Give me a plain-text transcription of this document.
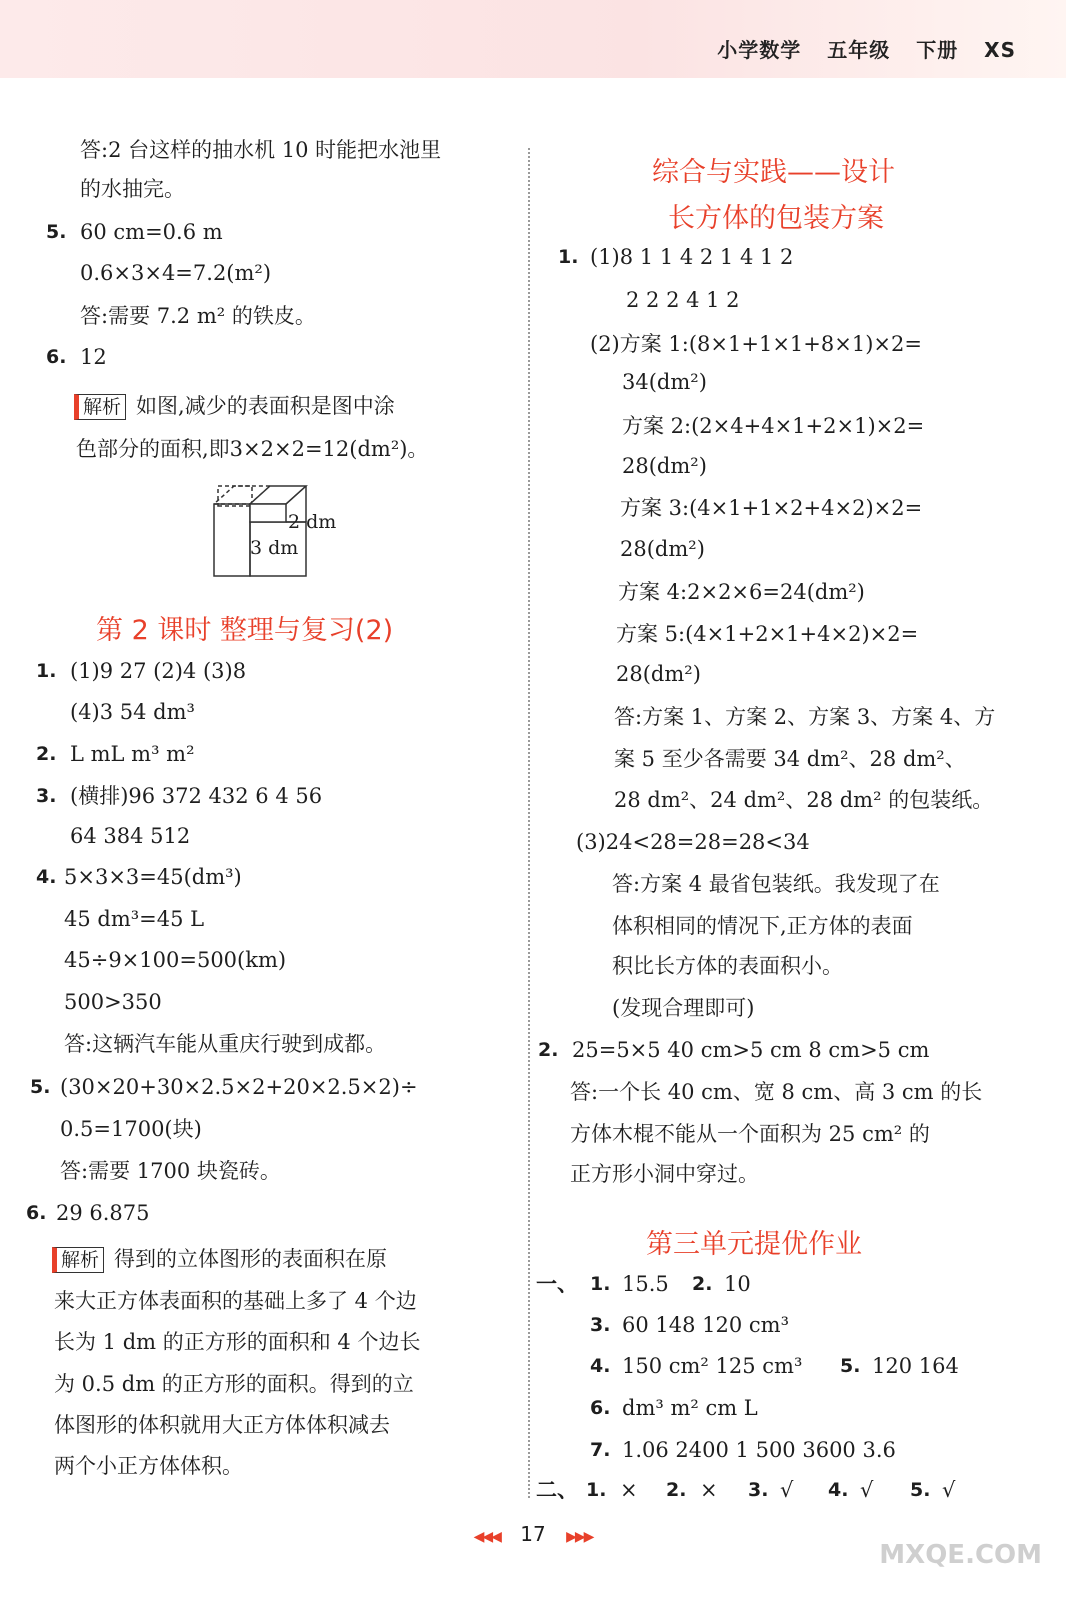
小学数学 五年级 下册 XS
答:2 台这样的抽水机 10 时能把水池里
的水抽完。
5. 60 cm=0.6 m
0.6×3×4=7.2(m²)
答:需要 7.2 m² 的铁皮。
6. 12
解析 如图,减少的表面积是图中涂
色部分的面积,即3×2×2=12(dm²)。
2 dm
3 dm
第 2 课时 整理与复习(2)
1. (1)9 27 (2)4 (3)8
(4)3 54 dm³
2. L mL m³ m²
3. (横排)96 372 432 6 4 56
64 384 512
4. 5×3×3=45(dm³)
45 dm³=45 L
45÷9×100=500(km)
500>350
答:这辆汽车能从重庆行驶到成都。
5. (30×20+30×2.5×2+20×2.5×2)÷
0.5=1700(块)
答:需要 1700 块瓷砖。
6. 29 6.875
解析 得到的立体图形的表面积在原
来大正方体表面积的基础上多了 4 个边
长为 1 dm 的正方形的面积和 4 个边长
为 0.5 dm 的正方形的面积。得到的立
体图形的体积就用大正方体体积减去
两个小正方体体积。
综合与实践——设计
长方体的包装方案
1. (1)8 1 1 4 2 1 4 1 2
2 2 2 4 1 2
(2)方案 1:(8×1+1×1+8×1)×2=
34(dm²)
方案 2:(2×4+4×1+2×1)×2=
28(dm²)
方案 3:(4×1+1×2+4×2)×2=
28(dm²)
方案 4:2×2×6=24(dm²)
方案 5:(4×1+2×1+4×2)×2=
28(dm²)
答:方案 1、方案 2、方案 3、方案 4、方
案 5 至少各需要 34 dm²、28 dm²、
28 dm²、24 dm²、28 dm² 的包装纸。
(3)24<28=28=28<34
答:方案 4 最省包装纸。我发现了在
体积相同的情况下,正方体的表面
积比长方体的表面积小。
(发现合理即可)
2. 25=5×5 40 cm>5 cm 8 cm>5 cm
答:一个长 40 cm、宽 8 cm、高 3 cm 的长
方体木棍不能从一个面积为 25 cm² 的
正方形小洞中穿过。
第三单元提优作业
一、 1. 15.5 2. 10
3. 60 148 120 cm³
4. 150 cm² 125 cm³ 5. 120 164
6. dm³ m² cm L
7. 1.06 2400 1 500 3600 3.6
二、 1. × 2. × 3. √ 4. √ 5. √
◀◀◀ 17 ▶▶▶
MXQE.COM
